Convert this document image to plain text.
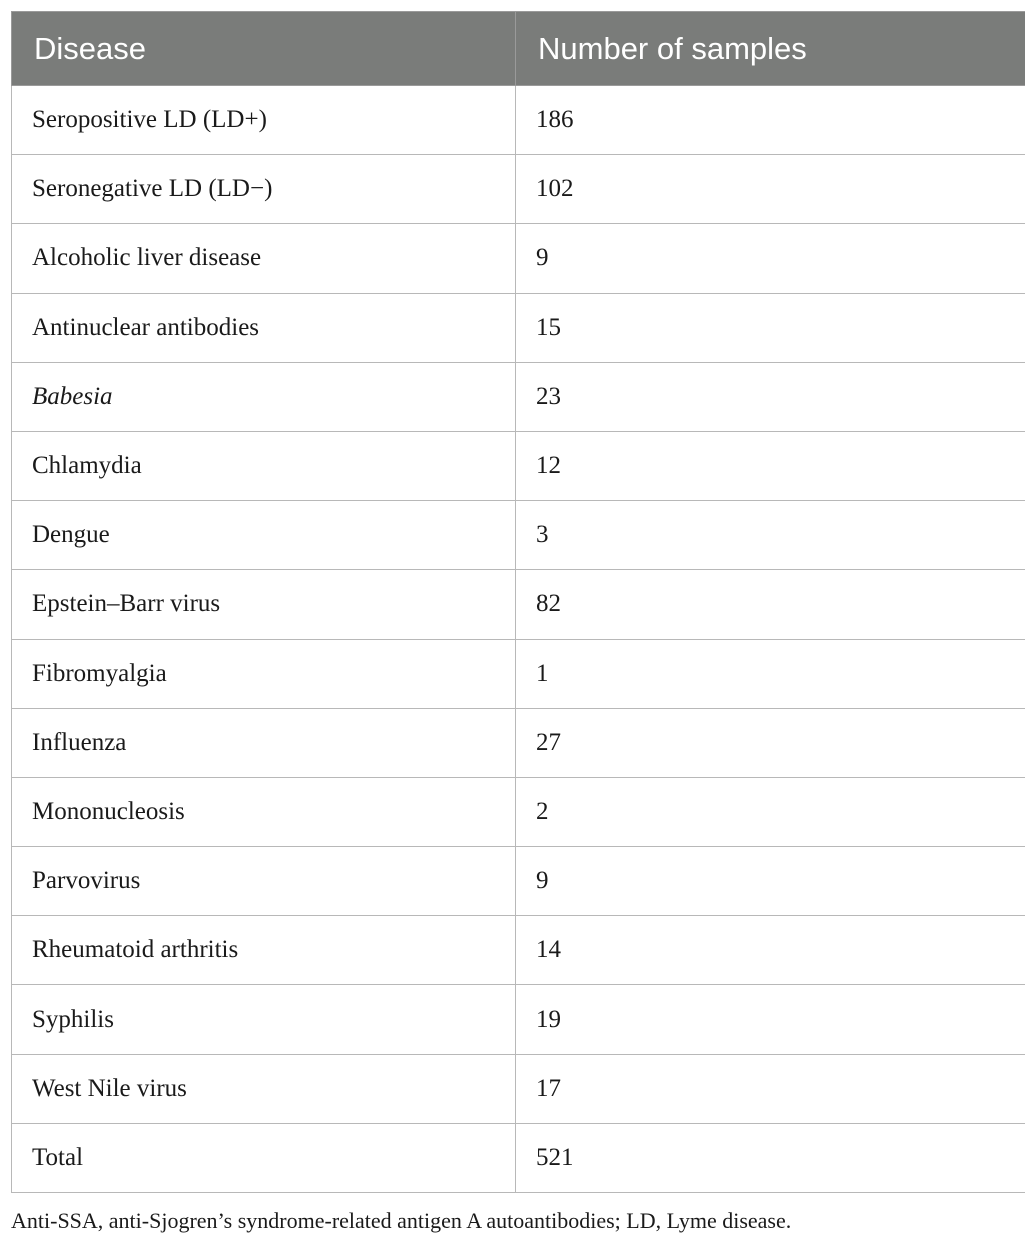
Disease	Number of samples
Seropositive LD (LD+)	186
Seronegative LD (LD−)	102
Alcoholic liver disease	9
Antinuclear antibodies	15
Babesia	23
Chlamydia	12
Dengue	3
Epstein–Barr virus	82
Fibromyalgia	1
Influenza	27
Mononucleosis	2
Parvovirus	9
Rheumatoid arthritis	14
Syphilis	19
West Nile virus	17
Total	521
Anti-SSA, anti-Sjogren’s syndrome-related antigen A autoantibodies; LD, Lyme disease.
